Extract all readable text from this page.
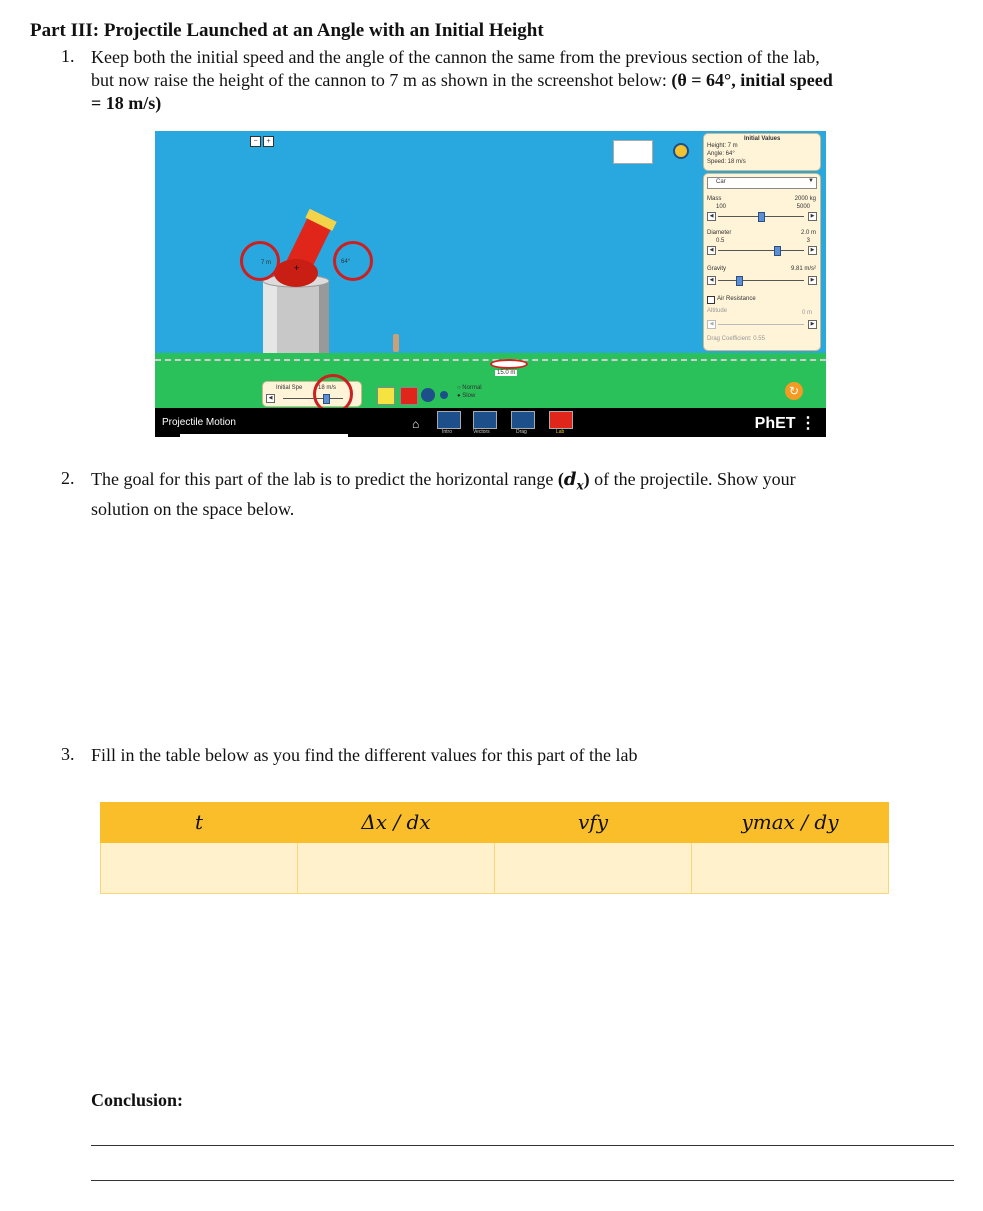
Part III: Projectile Launched at an Angle with an Initial Height
1. Keep both the initial speed and the angle of the cannon the same from the previous section of the lab,
but now raise the height of the cannon to 7 m as shown in the screenshot below: (θ = 64°, initial speed
= 18 m/s)
−	+
+
7 m	64°
15.0 m
Initial Spe	18 m/s
◀
○ Normal
● Slow	↻
Initial Values
Height: 7 m
Angle: 64°
Speed: 18 m/s
Car	▼
Mass	2000 kg
100	5000
◀	▶
Diameter	2.0 m
0.5	3
◀	▶
Gravity	9.81 m/s²
◀	▶
Air Resistance
Altitude	0 m
◀	▶
Drag Coefficient: 0.55
Projectile Motion	⌂
Intro	Vectors	Drag	Lab	PhET ⋮
2. The goal for this part of the lab is to predict the horizontal range $(d_x)$ of the projectile. Show your
solution on the space below.
3. Fill in the table below as you find the different values for this part of the lab
t	Δx / dx	vfy	ymax / dy

Conclusion:
